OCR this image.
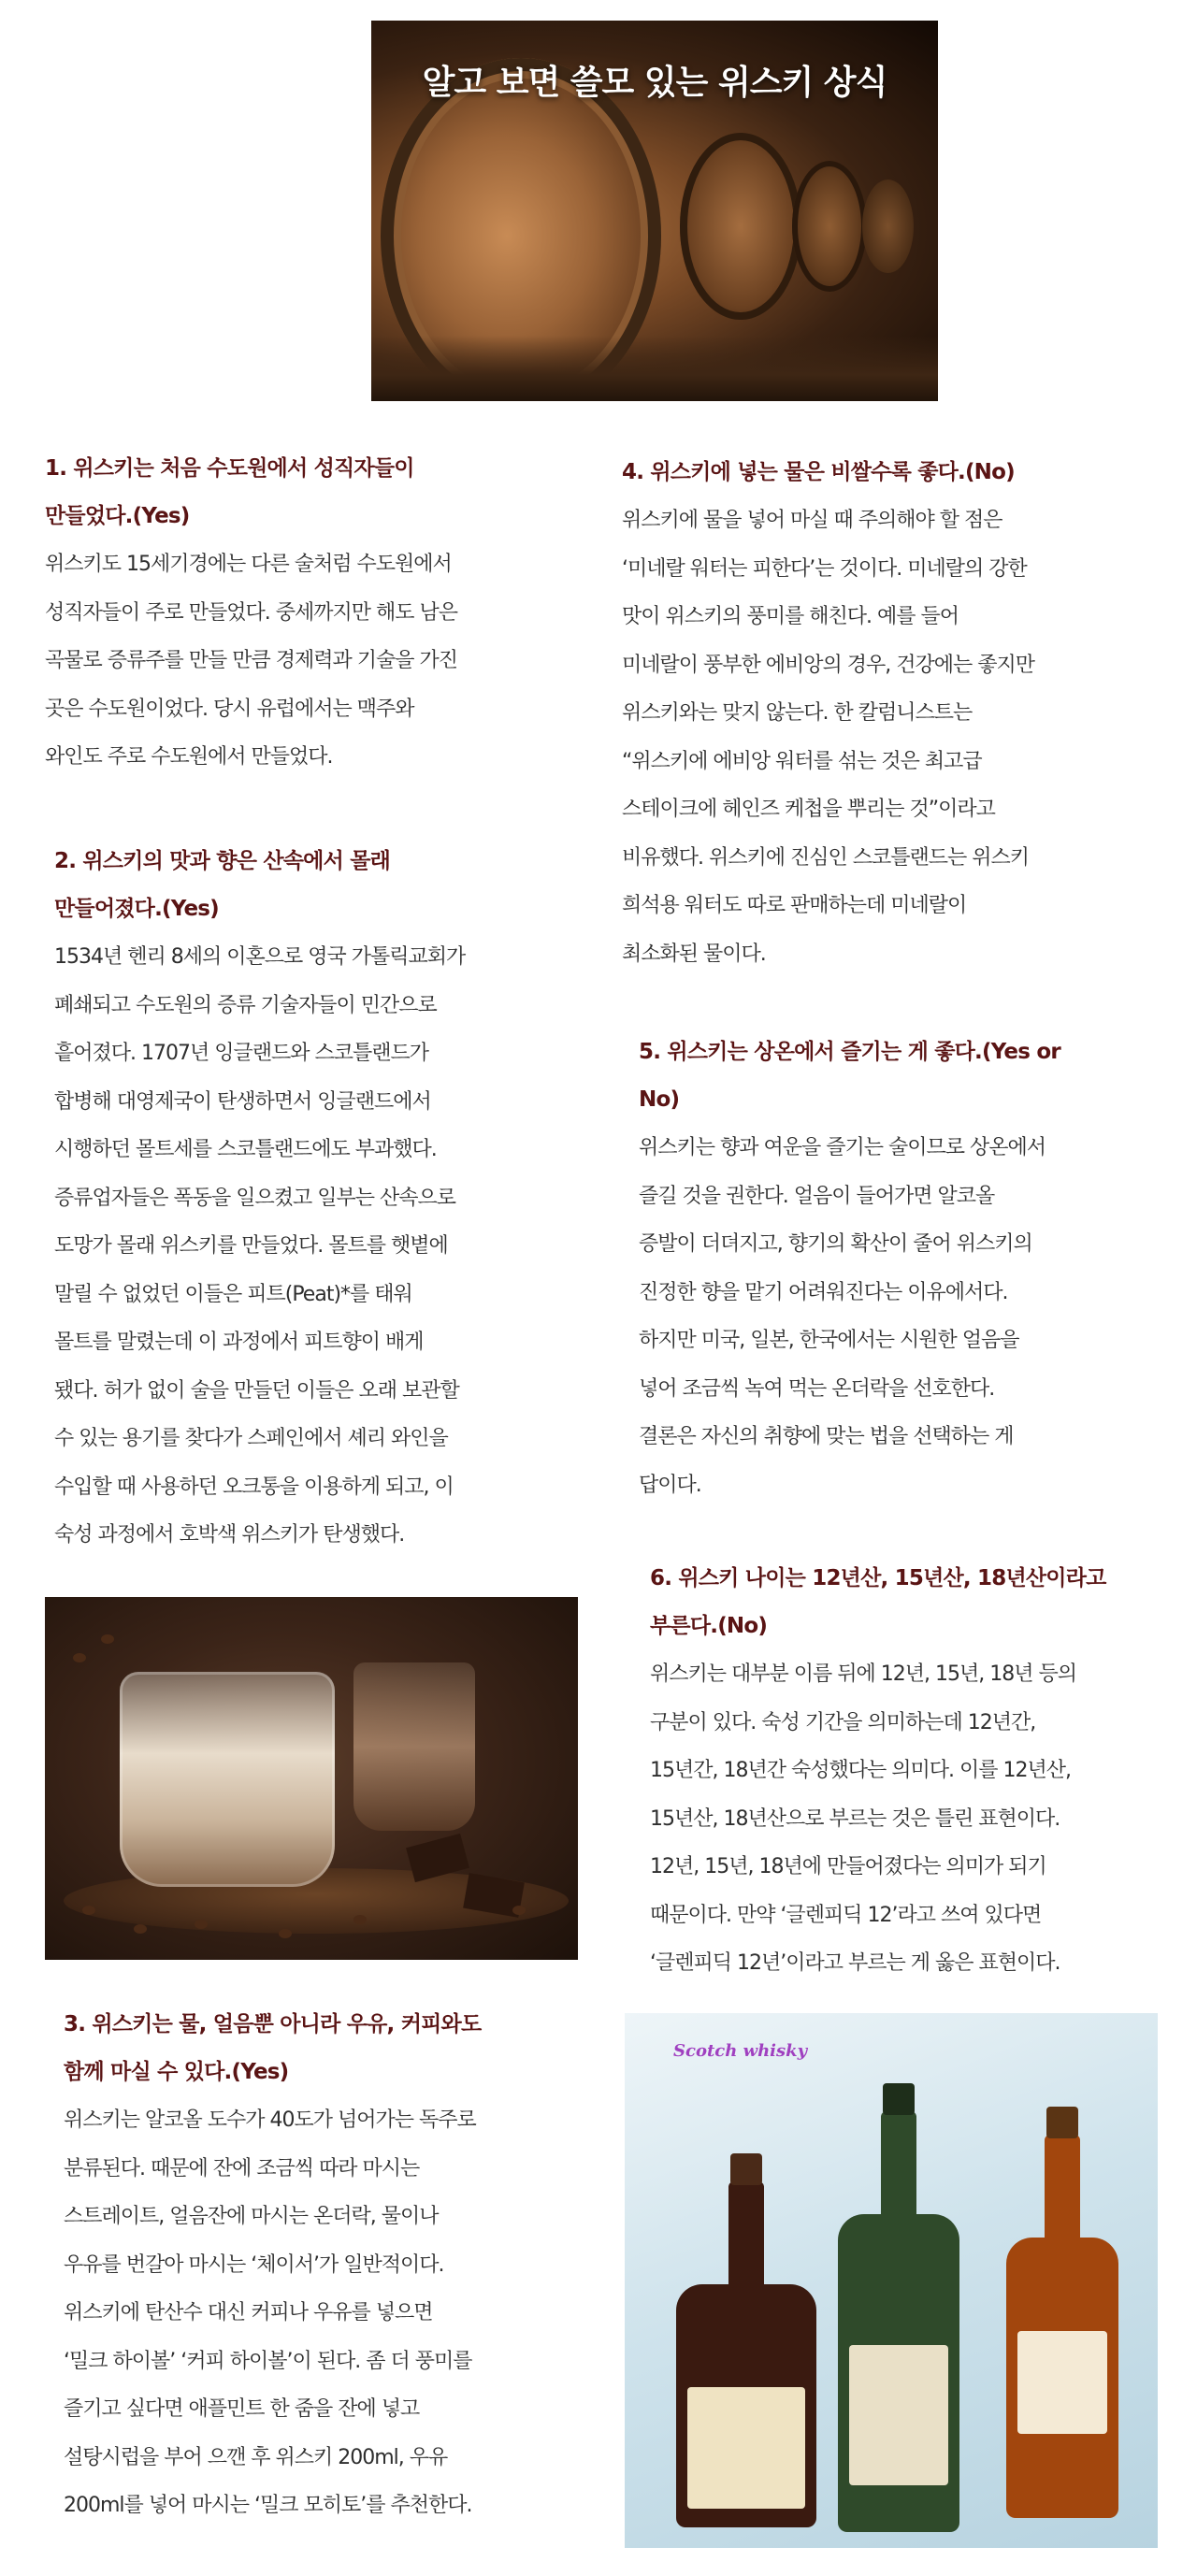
알고 보면 쓸모 있는 위스키 상식
1. 위스키는 처음 수도원에서 성직자들이
만들었다.(Yes)
위스키도 15세기경에는 다른 술처럼 수도원에서
성직자들이 주로 만들었다. 중세까지만 해도 남은
곡물로 증류주를 만들 만큼 경제력과 기술을 가진
곳은 수도원이었다. 당시 유럽에서는 맥주와
와인도 주로 수도원에서 만들었다.
2. 위스키의 맛과 향은 산속에서 몰래
만들어졌다.(Yes)
1534년 헨리 8세의 이혼으로 영국 가톨릭교회가
폐쇄되고 수도원의 증류 기술자들이 민간으로
흩어졌다. 1707년 잉글랜드와 스코틀랜드가
합병해 대영제국이 탄생하면서 잉글랜드에서
시행하던 몰트세를 스코틀랜드에도 부과했다.
증류업자들은 폭동을 일으켰고 일부는 산속으로
도망가 몰래 위스키를 만들었다. 몰트를 햇볕에
말릴 수 없었던 이들은 피트(Peat)*를 태워
몰트를 말렸는데 이 과정에서 피트향이 배게
됐다. 허가 없이 술을 만들던 이들은 오래 보관할
수 있는 용기를 찾다가 스페인에서 셰리 와인을
수입할 때 사용하던 오크통을 이용하게 되고, 이
숙성 과정에서 호박색 위스키가 탄생했다.
3. 위스키는 물, 얼음뿐 아니라 우유, 커피와도
함께 마실 수 있다.(Yes)
위스키는 알코올 도수가 40도가 넘어가는 독주로
분류된다. 때문에 잔에 조금씩 따라 마시는
스트레이트, 얼음잔에 마시는 온더락, 물이나
우유를 번갈아 마시는 ‘체이서’가 일반적이다.
위스키에 탄산수 대신 커피나 우유를 넣으면
‘밀크 하이볼’ ‘커피 하이볼’이 된다. 좀 더 풍미를
즐기고 싶다면 애플민트 한 줌을 잔에 넣고
설탕시럽을 부어 으깬 후 위스키 200ml, 우유
200ml를 넣어 마시는 ‘밀크 모히토’를 추천한다.
4. 위스키에 넣는 물은 비쌀수록 좋다.(No)
위스키에 물을 넣어 마실 때 주의해야 할 점은
‘미네랄 워터는 피한다’는 것이다. 미네랄의 강한
맛이 위스키의 풍미를 해친다. 예를 들어
미네랄이 풍부한 에비앙의 경우, 건강에는 좋지만
위스키와는 맞지 않는다. 한 칼럼니스트는
“위스키에 에비앙 워터를 섞는 것은 최고급
스테이크에 헤인즈 케첩을 뿌리는 것”이라고
비유했다. 위스키에 진심인 스코틀랜드는 위스키
희석용 워터도 따로 판매하는데 미네랄이
최소화된 물이다.
5. 위스키는 상온에서 즐기는 게 좋다.(Yes or
No)
위스키는 향과 여운을 즐기는 술이므로 상온에서
즐길 것을 권한다. 얼음이 들어가면 알코올
증발이 더뎌지고, 향기의 확산이 줄어 위스키의
진정한 향을 맡기 어려워진다는 이유에서다.
하지만 미국, 일본, 한국에서는 시원한 얼음을
넣어 조금씩 녹여 먹는 온더락을 선호한다.
결론은 자신의 취향에 맞는 법을 선택하는 게
답이다.
6. 위스키 나이는 12년산, 15년산, 18년산이라고
부른다.(No)
위스키는 대부분 이름 뒤에 12년, 15년, 18년 등의
구분이 있다. 숙성 기간을 의미하는데 12년간,
15년간, 18년간 숙성했다는 의미다. 이를 12년산,
15년산, 18년산으로 부르는 것은 틀린 표현이다.
12년, 15년, 18년에 만들어졌다는 의미가 되기
때문이다. 만약 ‘글렌피딕 12’라고 쓰여 있다면
‘글렌피딕 12년’이라고 부르는 게 옳은 표현이다.
Scotch whisky
